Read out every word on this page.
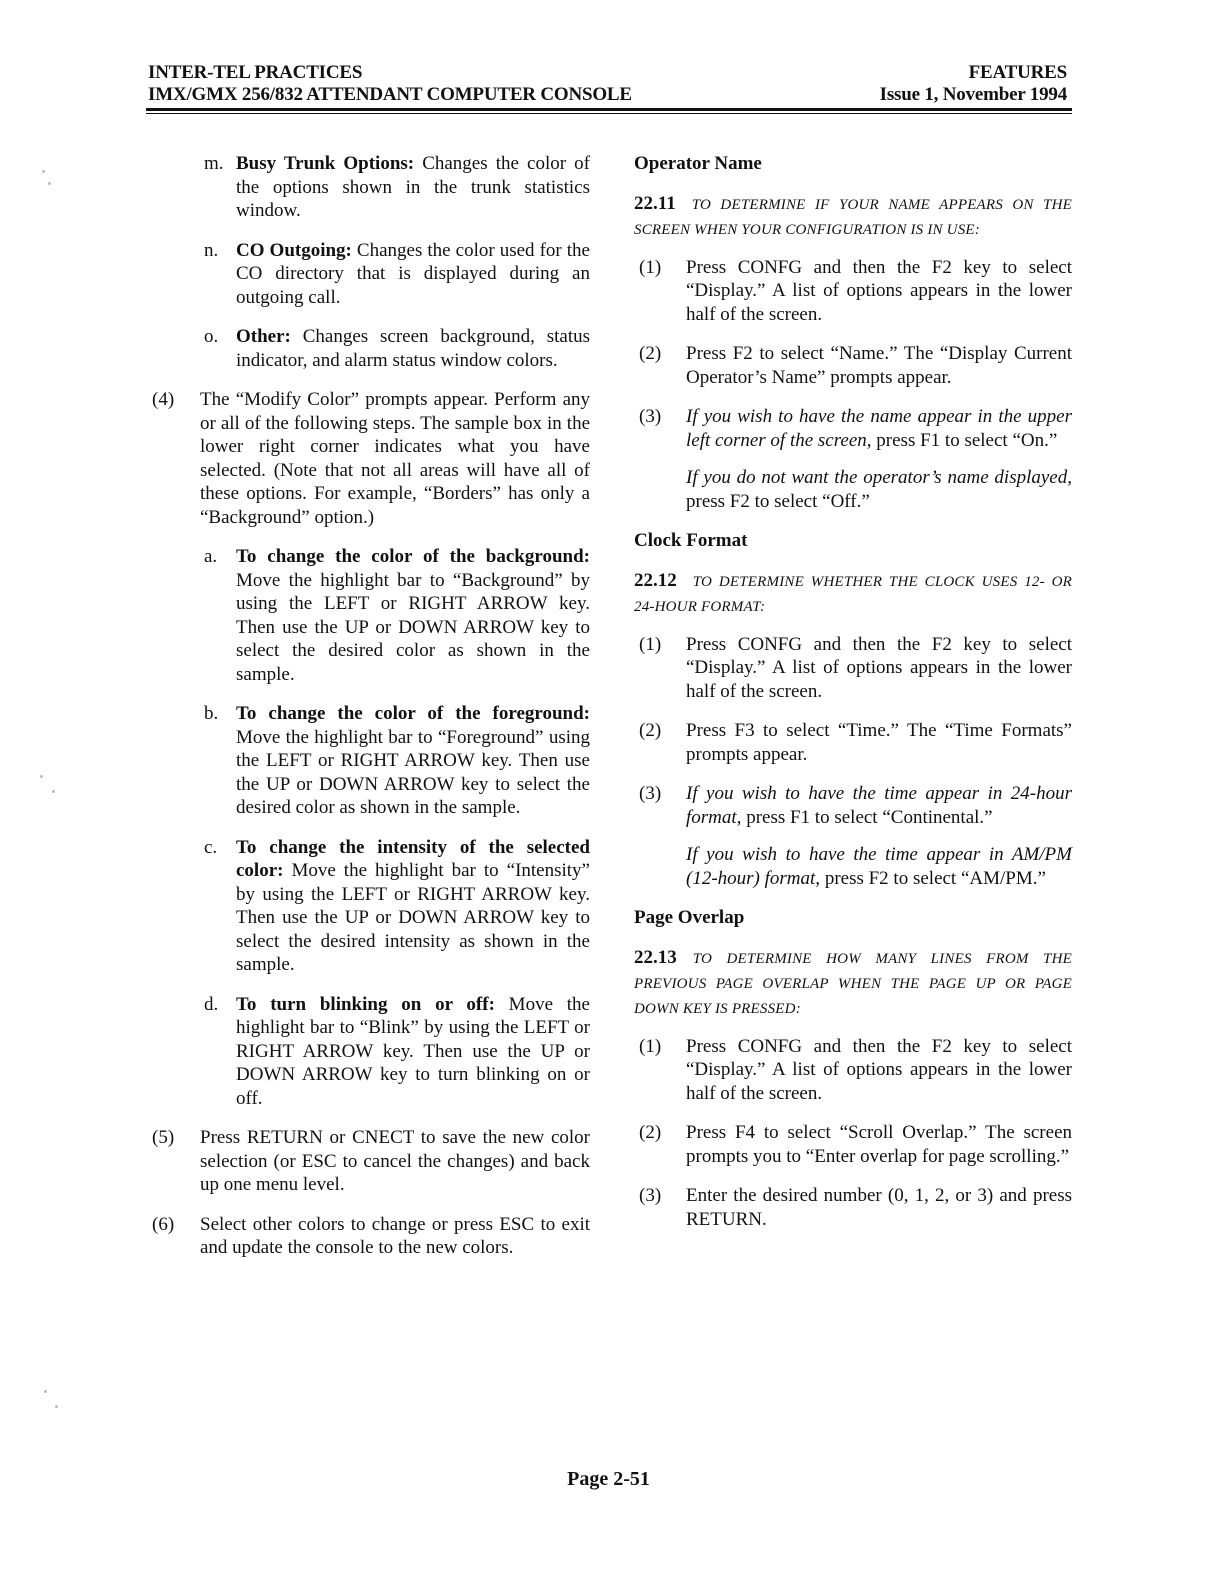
INTER-TEL PRACTICES
IMX/GMX 256/832 ATTENDANT COMPUTER CONSOLE
FEATURES
Issue 1, November 1994
m. Busy Trunk Options: Changes the color of the options shown in the trunk statistics window.
n. CO Outgoing: Changes the color used for the CO directory that is displayed during an outgoing call.
o. Other: Changes screen background, status indicator, and alarm status window colors.
(4) The “Modify Color” prompts appear. Perform any or all of the following steps. The sample box in the lower right corner indicates what you have selected. (Note that not all areas will have all of these options. For example, “Borders” has only a “Background” option.)
a. To change the color of the background: Move the highlight bar to “Background” by using the LEFT or RIGHT ARROW key. Then use the UP or DOWN ARROW key to select the desired color as shown in the sample.
b. To change the color of the foreground: Move the highlight bar to “Foreground” using the LEFT or RIGHT ARROW key. Then use the UP or DOWN ARROW key to select the desired color as shown in the sample.
c. To change the intensity of the selected color: Move the highlight bar to “Intensity” by using the LEFT or RIGHT ARROW key. Then use the UP or DOWN ARROW key to select the desired intensity as shown in the sample.
d. To turn blinking on or off: Move the highlight bar to “Blink” by using the LEFT or RIGHT ARROW key. Then use the UP or DOWN ARROW key to turn blinking on or off.
(5) Press RETURN or CNECT to save the new color selection (or ESC to cancel the changes) and back up one menu level.
(6) Select other colors to change or press ESC to exit and update the console to the new colors.
Operator Name
22.11 TO DETERMINE IF YOUR NAME APPEARS ON THE SCREEN WHEN YOUR CONFIGURATION IS IN USE:
(1) Press CONFG and then the F2 key to select “Display.” A list of options appears in the lower half of the screen.
(2) Press F2 to select “Name.” The “Display Current Operator’s Name” prompts appear.
(3) If you wish to have the name appear in the upper left corner of the screen, press F1 to select “On.”
If you do not want the operator’s name displayed, press F2 to select “Off.”
Clock Format
22.12 TO DETERMINE WHETHER THE CLOCK USES 12- OR 24-HOUR FORMAT:
(1) Press CONFG and then the F2 key to select “Display.” A list of options appears in the lower half of the screen.
(2) Press F3 to select “Time.” The “Time Formats” prompts appear.
(3) If you wish to have the time appear in 24-hour format, press F1 to select “Continental.”
If you wish to have the time appear in AM/PM (12-hour) format, press F2 to select “AM/PM.”
Page Overlap
22.13 TO DETERMINE HOW MANY LINES FROM THE PREVIOUS PAGE OVERLAP WHEN THE PAGE UP OR PAGE DOWN KEY IS PRESSED:
(1) Press CONFG and then the F2 key to select “Display.” A list of options appears in the lower half of the screen.
(2) Press F4 to select “Scroll Overlap.” The screen prompts you to “Enter overlap for page scrolling.”
(3) Enter the desired number (0, 1, 2, or 3) and press RETURN.
Page 2-51
